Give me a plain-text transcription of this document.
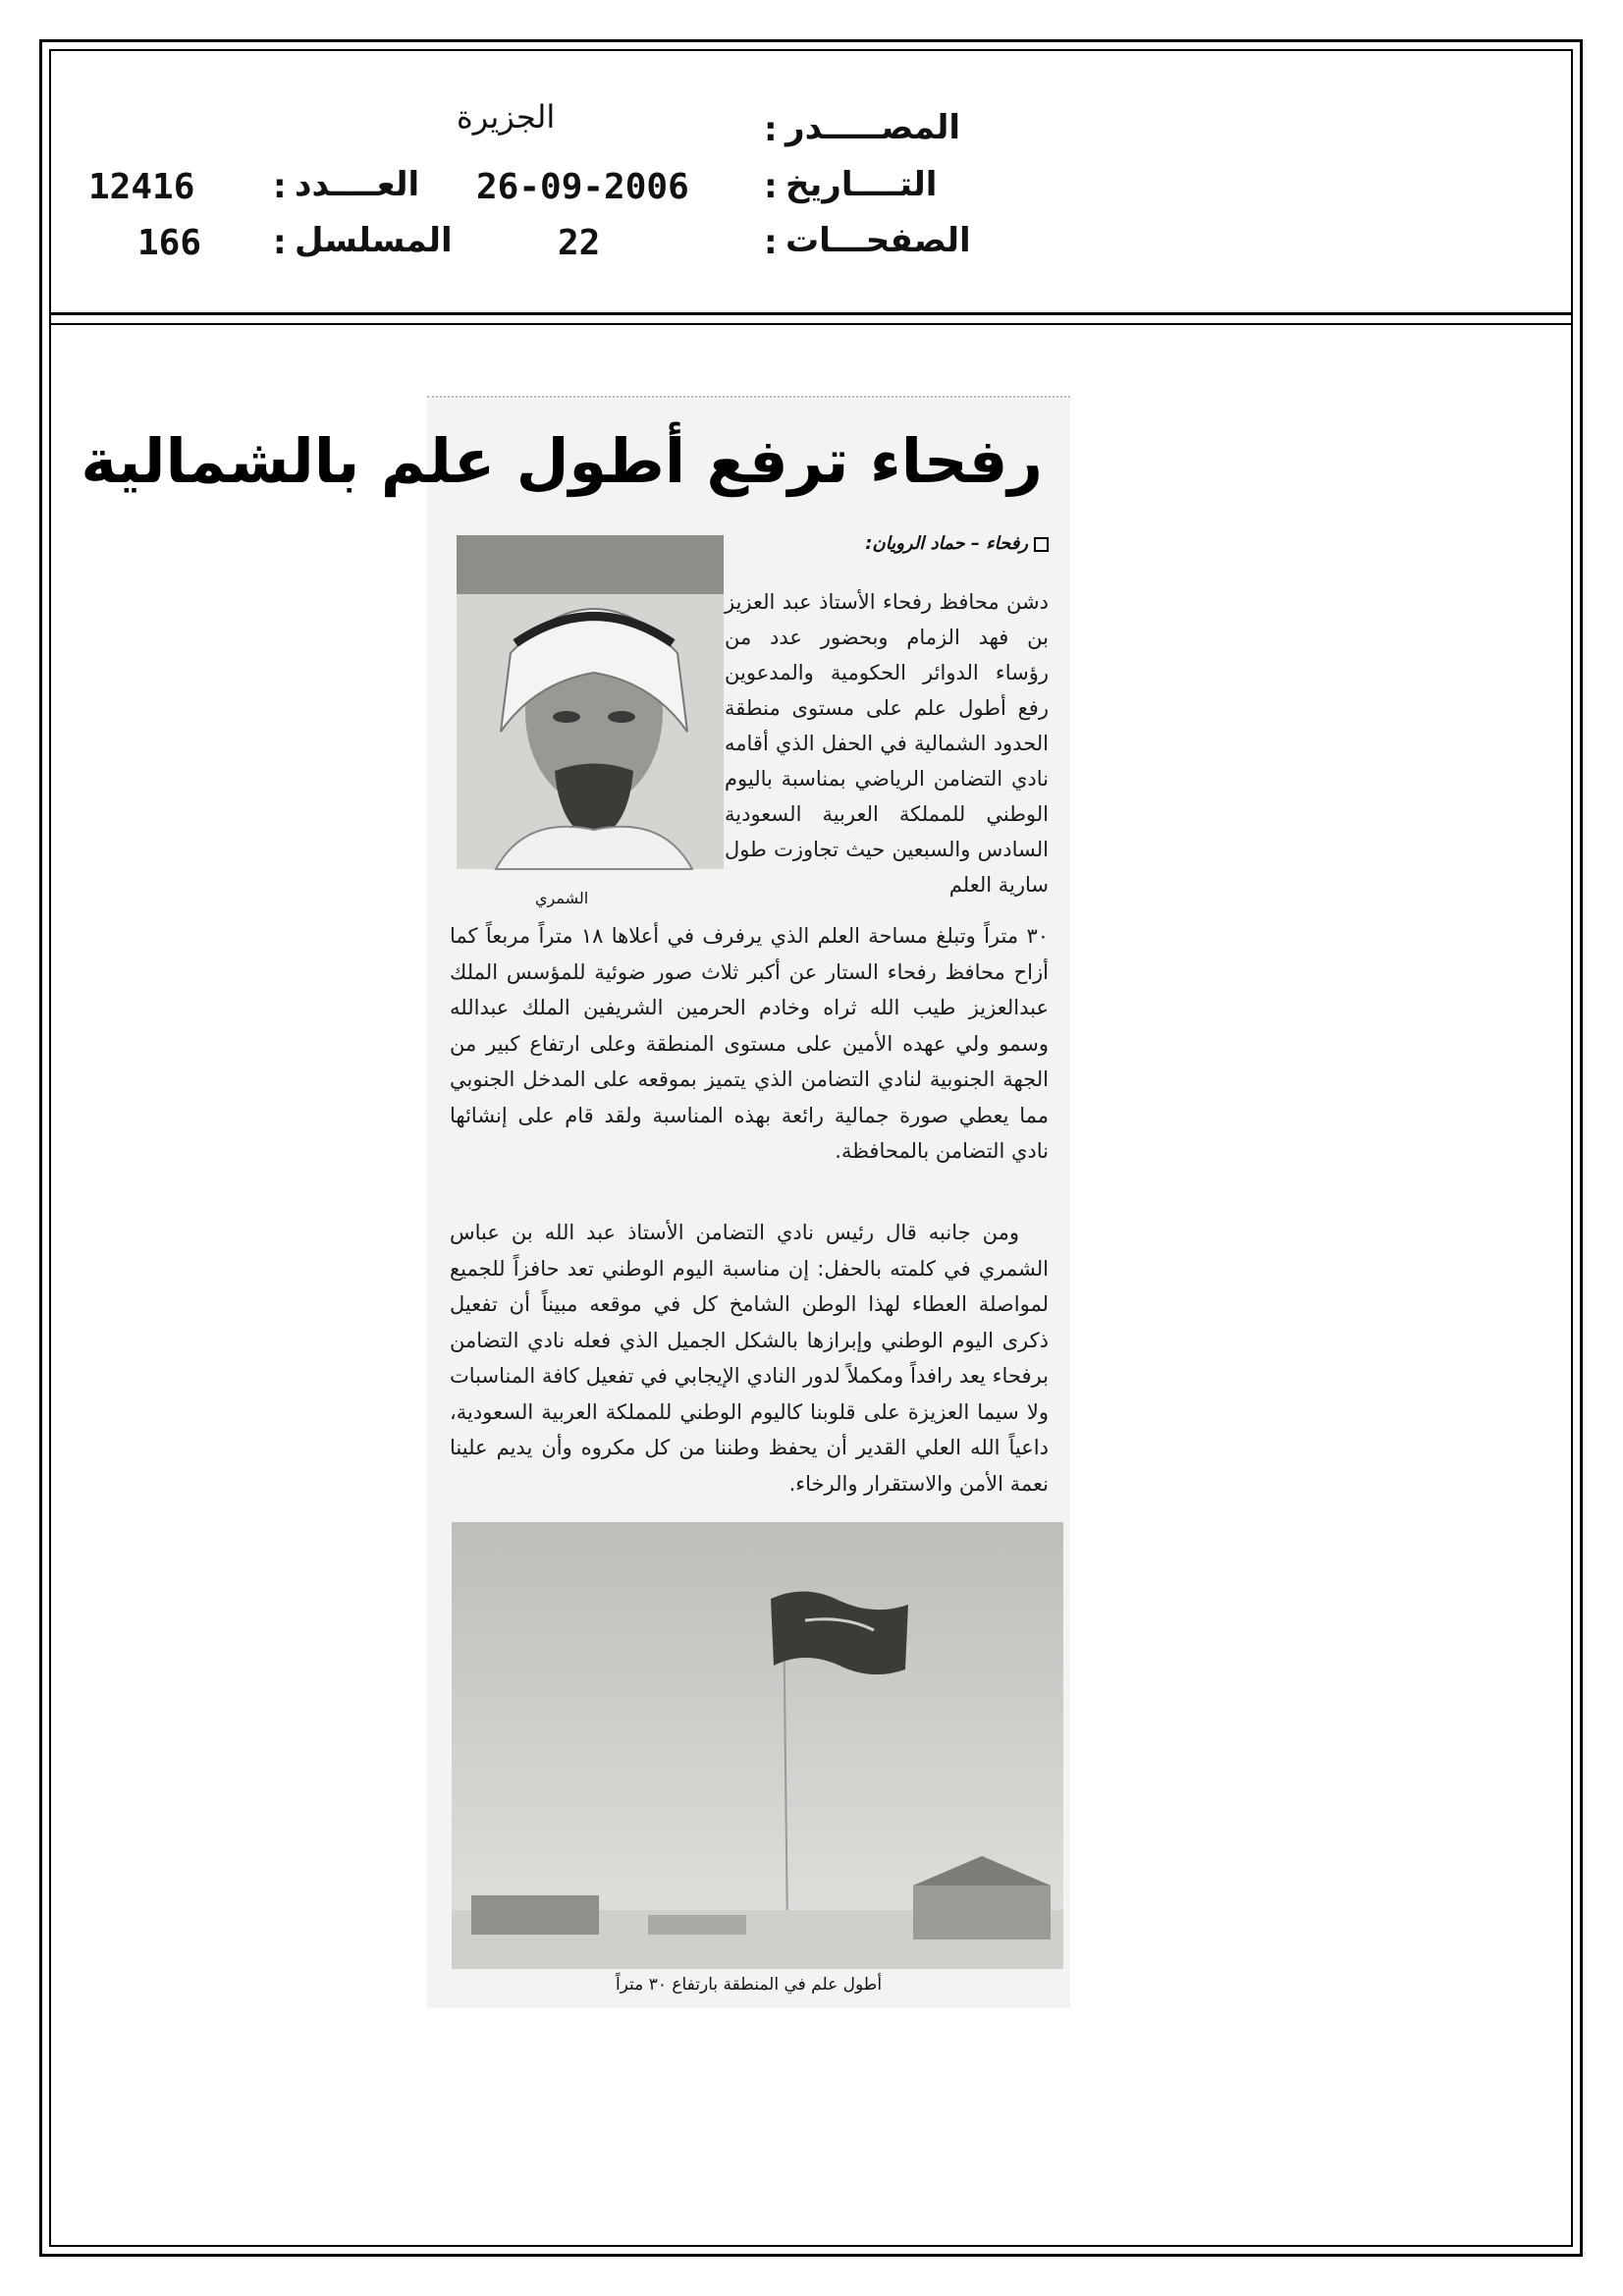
المصـــــدر
:
الجزيرة
التــــاريخ
:
26-09-2006
العــــدد
:
12416
الصفحـــات
:
22
المسلسل
:
166
رفحاء ترفع أطول علم بالشمالية
رفحاء – حماد الرويان:
الشمري
دشن محافظ رفحاء الأستاذ عبد العزيز بن فهد الزمام وبحضور عدد من رؤساء الدوائر الحكومية والمدعوين رفع أطول علم على مستوى منطقة الحدود الشمالية في الحفل الذي أقامه نادي التضامن الرياضي بمناسبة باليوم الوطني للمملكة العربية السعودية السادس والسبعين حيث تجاوزت طول سارية العلم
٣٠ متراً وتبلغ مساحة العلم الذي يرفرف في أعلاها ١٨ متراً مربعاً كما أزاح محافظ رفحاء الستار عن أكبر ثلاث صور ضوئية للمؤسس الملك عبدالعزيز طيب الله ثراه وخادم الحرمين الشريفين الملك عبدالله وسمو ولي عهده الأمين على مستوى المنطقة وعلى ارتفاع كبير من الجهة الجنوبية لنادي التضامن الذي يتميز بموقعه على المدخل الجنوبي مما يعطي صورة جمالية رائعة بهذه المناسبة ولقد قام على إنشائها نادي التضامن بالمحافظة.
ومن جانبه قال رئيس نادي التضامن الأستاذ عبد الله بن عباس الشمري في كلمته بالحفل: إن مناسبة اليوم الوطني تعد حافزاً للجميع لمواصلة العطاء لهذا الوطن الشامخ كل في موقعه مبيناً أن تفعيل ذكرى اليوم الوطني وإبرازها بالشكل الجميل الذي فعله نادي التضامن برفحاء يعد رافداً ومكملاً لدور النادي الإيجابي في تفعيل كافة المناسبات ولا سيما العزيزة على قلوبنا كاليوم الوطني للمملكة العربية السعودية، داعياً الله العلي القدير أن يحفظ وطننا من كل مكروه وأن يديم علينا نعمة الأمن والاستقرار والرخاء.
أطول علم في المنطقة بارتفاع ٣٠ متراً
